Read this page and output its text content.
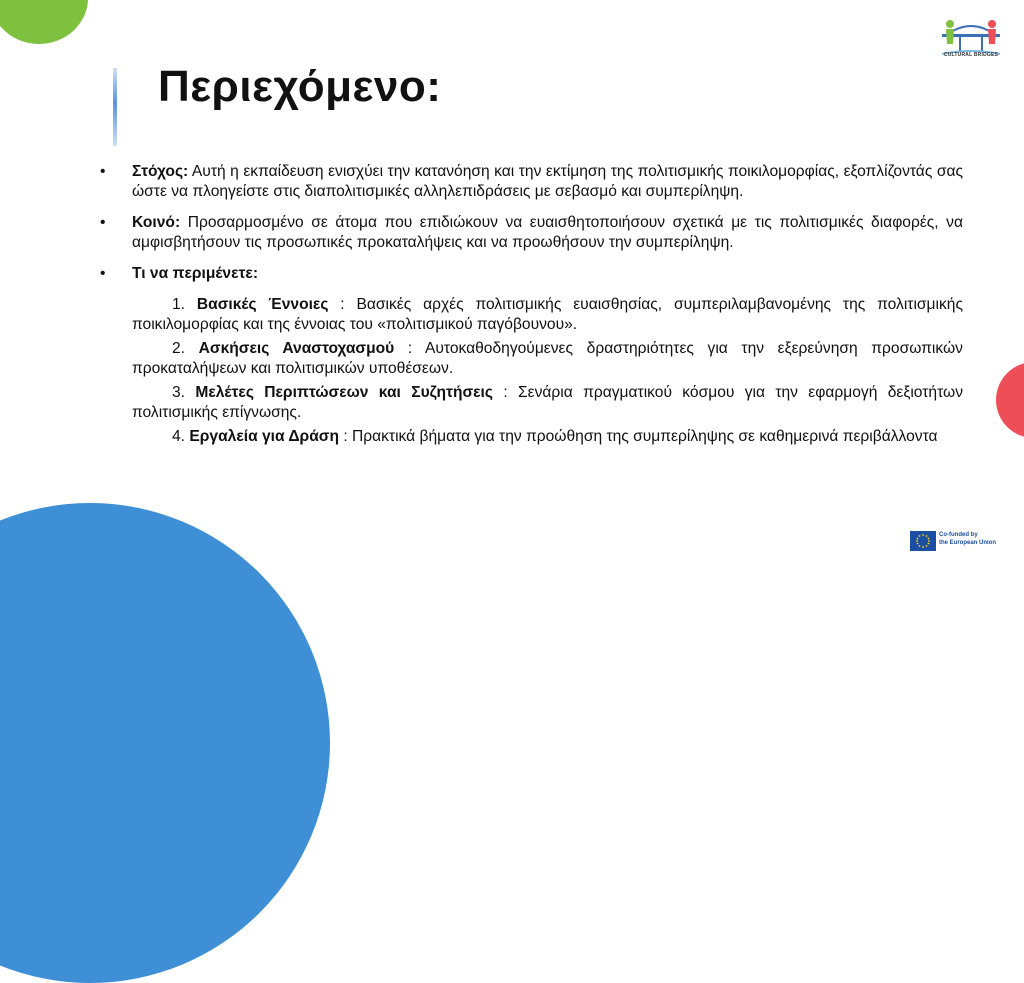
CULTURAL BRIDGES
Περιεχόμενο:
• Στόχος: Αυτή η εκπαίδευση ενισχύει την κατανόηση και την εκτίμηση της πολιτισμικής ποικιλομορφίας, εξοπλίζοντάς σας ώστε να πλοηγείστε στις διαπολιτισμικές αλληλεπιδράσεις με σεβασμό και συμπερίληψη.
• Κοινό: Προσαρμοσμένο σε άτομα που επιδιώκουν να ευαισθητοποιήσουν σχετικά με τις πολιτισμικές διαφορές, να αμφισβητήσουν τις προσωπικές προκαταλήψεις και να προωθήσουν την συμπερίληψη.
• Τι να περιμένετε:
1. Βασικές Έννοιες : Βασικές αρχές πολιτισμικής ευαισθησίας, συμπεριλαμβανομένης της πολιτισμικής ποικιλομορφίας και της έννοιας του «πολιτισμικού παγόβουνου».
2. Ασκήσεις Αναστοχασμού : Αυτοκαθοδηγούμενες δραστηριότητες για την εξερεύνηση προσωπικών προκαταλήψεων και πολιτισμικών υποθέσεων.
3. Μελέτες Περιπτώσεων και Συζητήσεις : Σενάρια πραγματικού κόσμου για την εφαρμογή δεξιοτήτων πολιτισμικής επίγνωσης.
4. Εργαλεία για Δράση : Πρακτικά βήματα για την προώθηση της συμπερίληψης σε καθημερινά περιβάλλοντα
Co-funded by
the European Union
